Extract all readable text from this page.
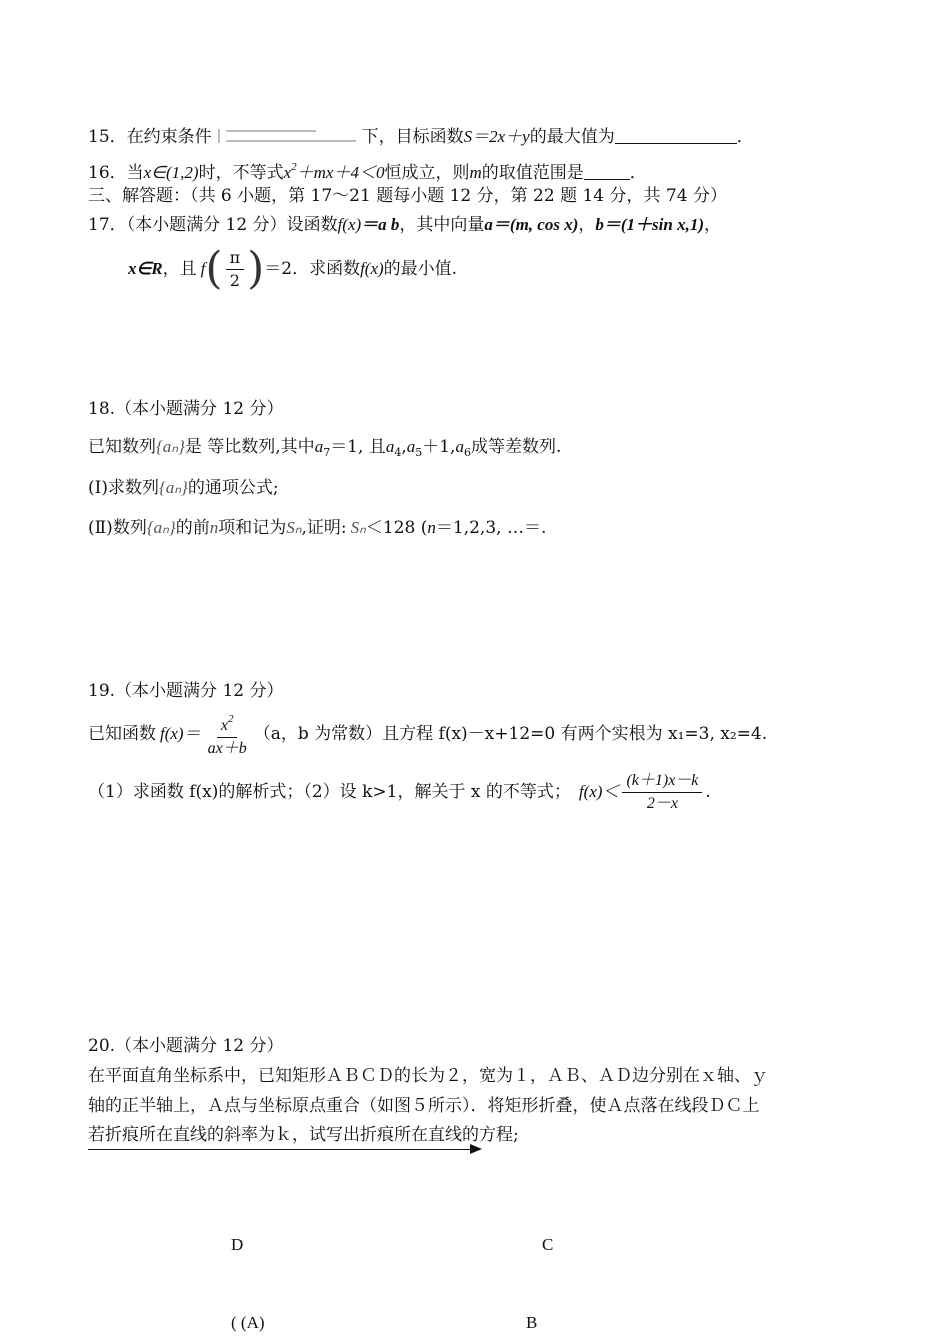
15．在约束条件	下，目标函数S＝2x＋y的最大值为	．
16．当x∈(1,2)时，不等式$x^2+mx+4<0$恒成立，则m的取值范围是	．
三、解答题：（共 6 小题，第 17～21 题每小题 12 分，第 22 题 14 分，共 74 分）
17．（本小题满分 12 分）设函数f(x)＝a b，其中向量a＝(m, cos x)，b＝(1＋sin x,1)，
x∈R ，且 f ( $\frac{\pi}{2}$ ) ＝2 ．求函数 f(x) 的最小值.
18.（本小题满分 12 分）
已知数列{aₙ}是 等比数列,其中$a_7=1$, 且$a_4,a_5+1,a_6$成等差数列.
(I)求数列{aₙ}的通项公式;
(Ⅱ)数列{aₙ}的前n项和记为Sₙ,证明: Sₙ＜128 (n＝1,2,3, …＝.
19.（本小题满分 12 分）
已知函数 $f(x)= \frac{x^2}{ax+b} (a$，b 为常数）且方程 f(x)－x+12=0 有两个实根为 x₁=3, x₂=4.
（1）求函数 f(x)的解析式；（2）设 k>1，解关于 x 的不等式； $f(x)< \frac{(k+1)x-k}{2-x}$ .
20.（本小题满分 12 分）
在平面直角坐标系中，已知矩形ＡＢＣＤ的长为２，宽为１，ＡＢ、ＡＤ边分别在ｘ轴、ｙ
轴的正半轴上，Ａ点与坐标原点重合（如图５所示）．将矩形折叠，使Ａ点落在线段ＤＣ上
若折痕所在直线的斜率为ｋ，试写出折痕所在直线的方程;
D	C
( (A)	B
